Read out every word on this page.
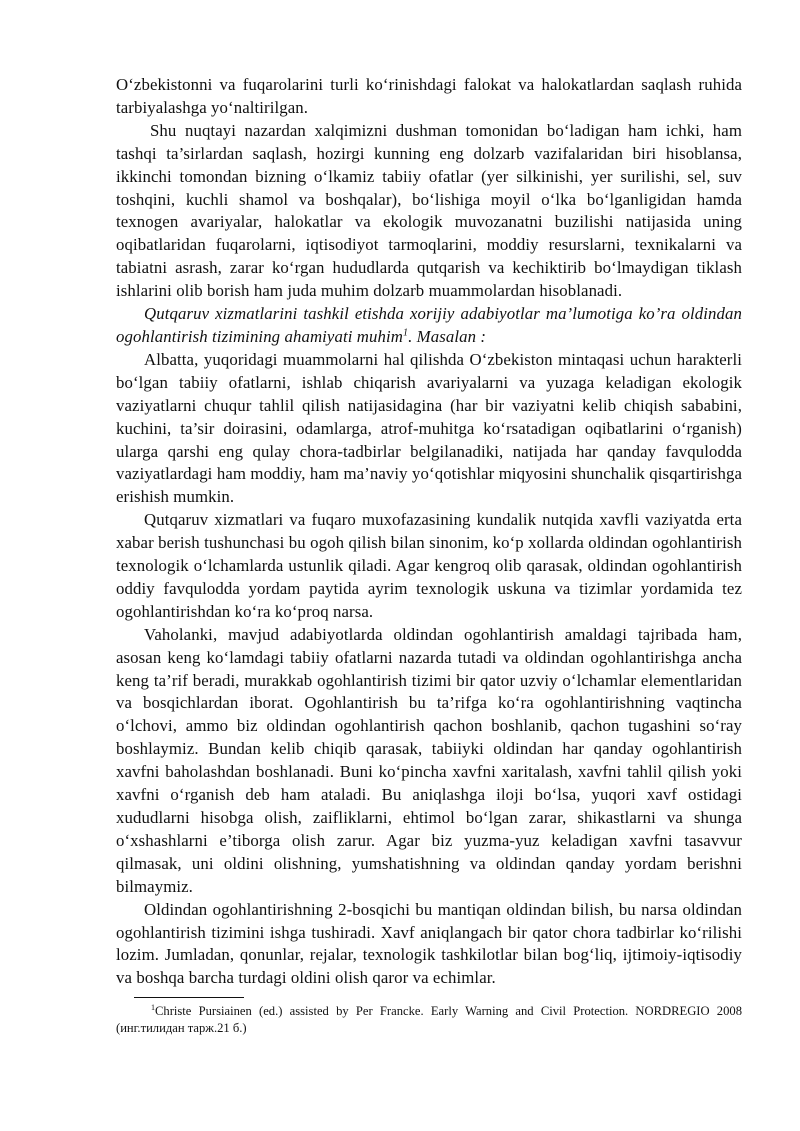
O‘zbekistonni va fuqarolarini turli ko‘rinishdagi falokat va halokatlardan saqlash ruhida tarbiyalashga yo‘naltirilgan.

Shu nuqtayi nazardan xalqimizni dushman tomonidan bo‘ladigan ham ichki, ham tashqi ta’sirlardan saqlash, hozirgi kunning eng dolzarb vazifalaridan biri hisoblansa, ikkinchi tomondan bizning o‘lkamiz tabiiy ofatlar (yer silkinishi, yer surilishi, sel, suv toshqini, kuchli shamol va boshqalar), bo‘lishiga moyil o‘lka bo‘lganligidan hamda texnogen avariyalar, halokatlar va ekologik muvozanatni buzilishi natijasida uning oqibatlaridan fuqarolarni, iqtisodiyot tarmoqlarini, moddiy resurslarni, texnikalarni va tabiatni asrash, zarar ko‘rgan hududlarda qutqarish va kechiktirib bo‘lmaydigan tiklash ishlarini olib borish ham juda muhim dolzarb muammolardan hisoblanadi.

Qutqaruv xizmatlarini tashkil etishda xorijiy adabiyotlar ma’lumotiga ko’ra oldindan ogohlantirish tizimining ahamiyati muhim$^1$. Masalan :

Albatta, yuqoridagi muammolarni hal qilishda O‘zbekiston mintaqasi uchun harakterli bo‘lgan tabiiy ofatlarni, ishlab chiqarish avariyalarni va yuzaga keladigan ekologik vaziyatlarni chuqur tahlil qilish natijasidagina (har bir vaziyatni kelib chiqish sababini, kuchini, ta’sir doirasini, odamlarga, atrof-muhitga ko‘rsatadigan oqibatlarini o‘rganish) ularga qarshi eng qulay chora-tadbirlar belgilanadiki, natijada har qanday favqulodda vaziyatlardagi ham moddiy, ham ma’naviy yo‘qotishlar miqyosini shunchalik qisqartirishga erishish mumkin.

Qutqaruv xizmatlari va fuqaro muxofazasining kundalik nutqida xavfli vaziyatda erta xabar berish tushunchasi bu ogoh qilish bilan sinonim, ko‘p xollarda oldindan ogohlantirish texnologik o‘lchamlarda ustunlik qiladi. Agar kengroq olib qarasak, oldindan ogohlantirish oddiy favqulodda yordam paytida ayrim texnologik uskuna va tizimlar yordamida tez ogohlantirishdan ko‘ra ko‘proq narsa.

Vaholanki, mavjud adabiyotlarda oldindan ogohlantirish amaldagi tajribada ham, asosan keng ko‘lamdagi tabiiy ofatlarni nazarda tutadi va oldindan ogohlantirishga ancha keng ta’rif beradi, murakkab ogohlantirish tizimi bir qator uzviy o‘lchamlar elementlaridan va bosqichlardan iborat. Ogohlantirish bu ta’rifga ko‘ra ogohlantirishning vaqtincha o‘lchovi, ammo biz oldindan ogohlantirish qachon boshlanib, qachon tugashini so‘ray boshlaymiz. Bundan kelib chiqib qarasak, tabiiyki oldindan har qanday ogohlantirish xavfni baholashdan boshlanadi. Buni ko‘pincha xavfni xaritalash, xavfni tahlil qilish yoki xavfni o‘rganish deb ham ataladi. Bu aniqlashga iloji bo‘lsa, yuqori xavf ostidagi xududlarni hisobga olish, zaifliklarni, ehtimol bo‘lgan zarar, shikastlarni va shunga o‘xshashlarni e’tiborga olish zarur. Agar biz yuzma-yuz keladigan xavfni tasavvur qilmasak, uni oldini olishning, yumshatishning va oldindan qanday yordam berishni bilmaymiz.

Oldindan ogohlantirishning 2-bosqichi bu mantiqan oldindan bilish, bu narsa oldindan ogohlantirish tizimini ishga tushiradi. Xavf aniqlangach bir qator chora tadbirlar ko‘rilishi lozim. Jumladan, qonunlar, rejalar, texnologik tashkilotlar bilan bog‘liq, ijtimoiy-iqtisodiy va boshqa barcha turdagi oldini olish qaror va echimlar.

$^1$Christe Pursiainen (ed.) assisted by Per Francke. Early Warning and Civil Protection. NORDREGIO 2008 (инг.тилидан тарж.21 б.)
